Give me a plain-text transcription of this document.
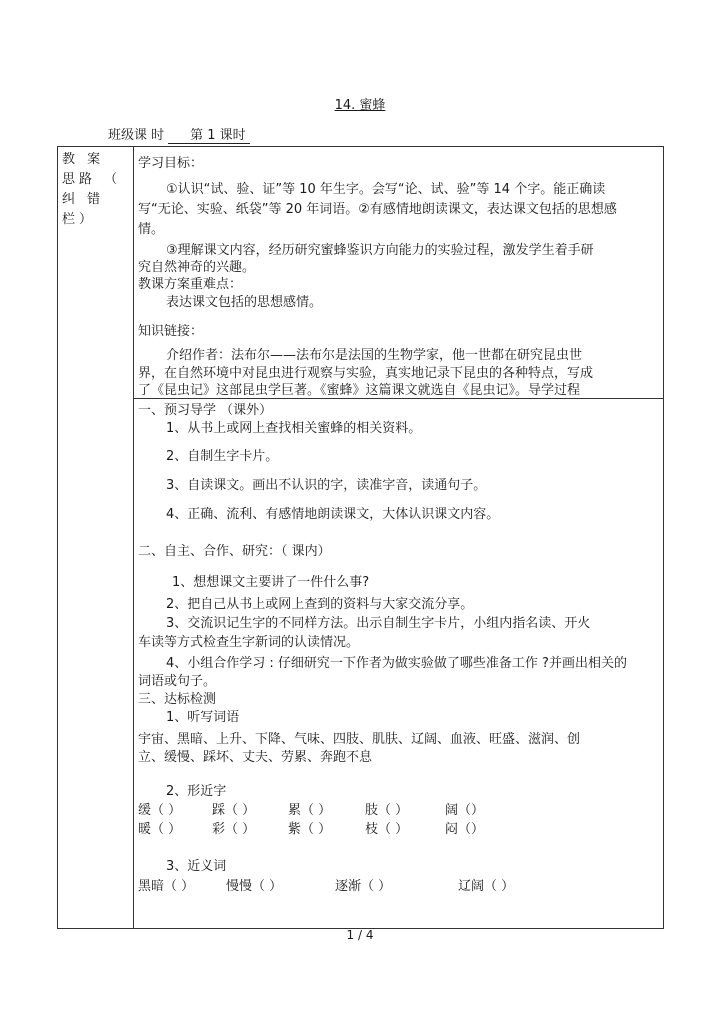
14. 蜜蜂
班级课 时 第 1 课时
教 案 思路 （ 纠 错 栏）
学习目标：
①认识“试、验、证”等 10 年生字。会写“论、试、验”等 14 个字。能正确读
写“无论、实验、纸袋”等 20 年词语。②有感情地朗读课文，表达课文包括的思想感
情。
③理解课文内容，经历研究蜜蜂鉴识方向能力的实验过程，激发学生着手研
究自然神奇的兴趣。
教课方案重难点：
表达课文包括的思想感情。
知识链接：
介绍作者：法布尔——法布尔是法国的生物学家，他一世都在研究昆虫世
界，在自然环境中对昆虫进行观察与实验，真实地记录下昆虫的各种特点，写成
了《昆虫记》这部昆虫学巨著。《蜜蜂》这篇课文就选自《昆虫记》。导学过程
一、预习导学 （课外）
1、从书上或网上查找相关蜜蜂的相关资料。
2、自制生字卡片。
3、自读课文。画出不认识的字，读准字音，读通句子。
4、正确、流利、有感情地朗读课文，大体认识课文内容。
二、自主、合作、研究：（ 课内）
1、想想课文主要讲了一件什么事?
2、把自己从书上或网上查到的资料与大家交流分享。
3、交流识记生字的不同样方法。出示自制生字卡片，小组内指名读、开火
车读等方式检查生字新词的认读情况。
4、小组合作学习 : 仔细研究一下作者为做实验做了哪些准备工作 ?并画出相关的
词语或句子。
三、达标检测
1、听写词语
宇宙、黑暗、上升、下降、气味、四肢、肌肤、辽阔、血液、旺盛、滋润、创
立、缓慢、踩坏、丈夫、劳累、奔跑不息
2、形近字
缓（ ） 踩（ ）	累（ ）	肢（ ）	阔（）
暖（ ） 彩（ ）	紫（ ）	枝（ ）	闷（）
3、近义词
黑暗（ ） 慢慢（ ）	逐渐（ ）	辽阔（ ）
1 / 4
